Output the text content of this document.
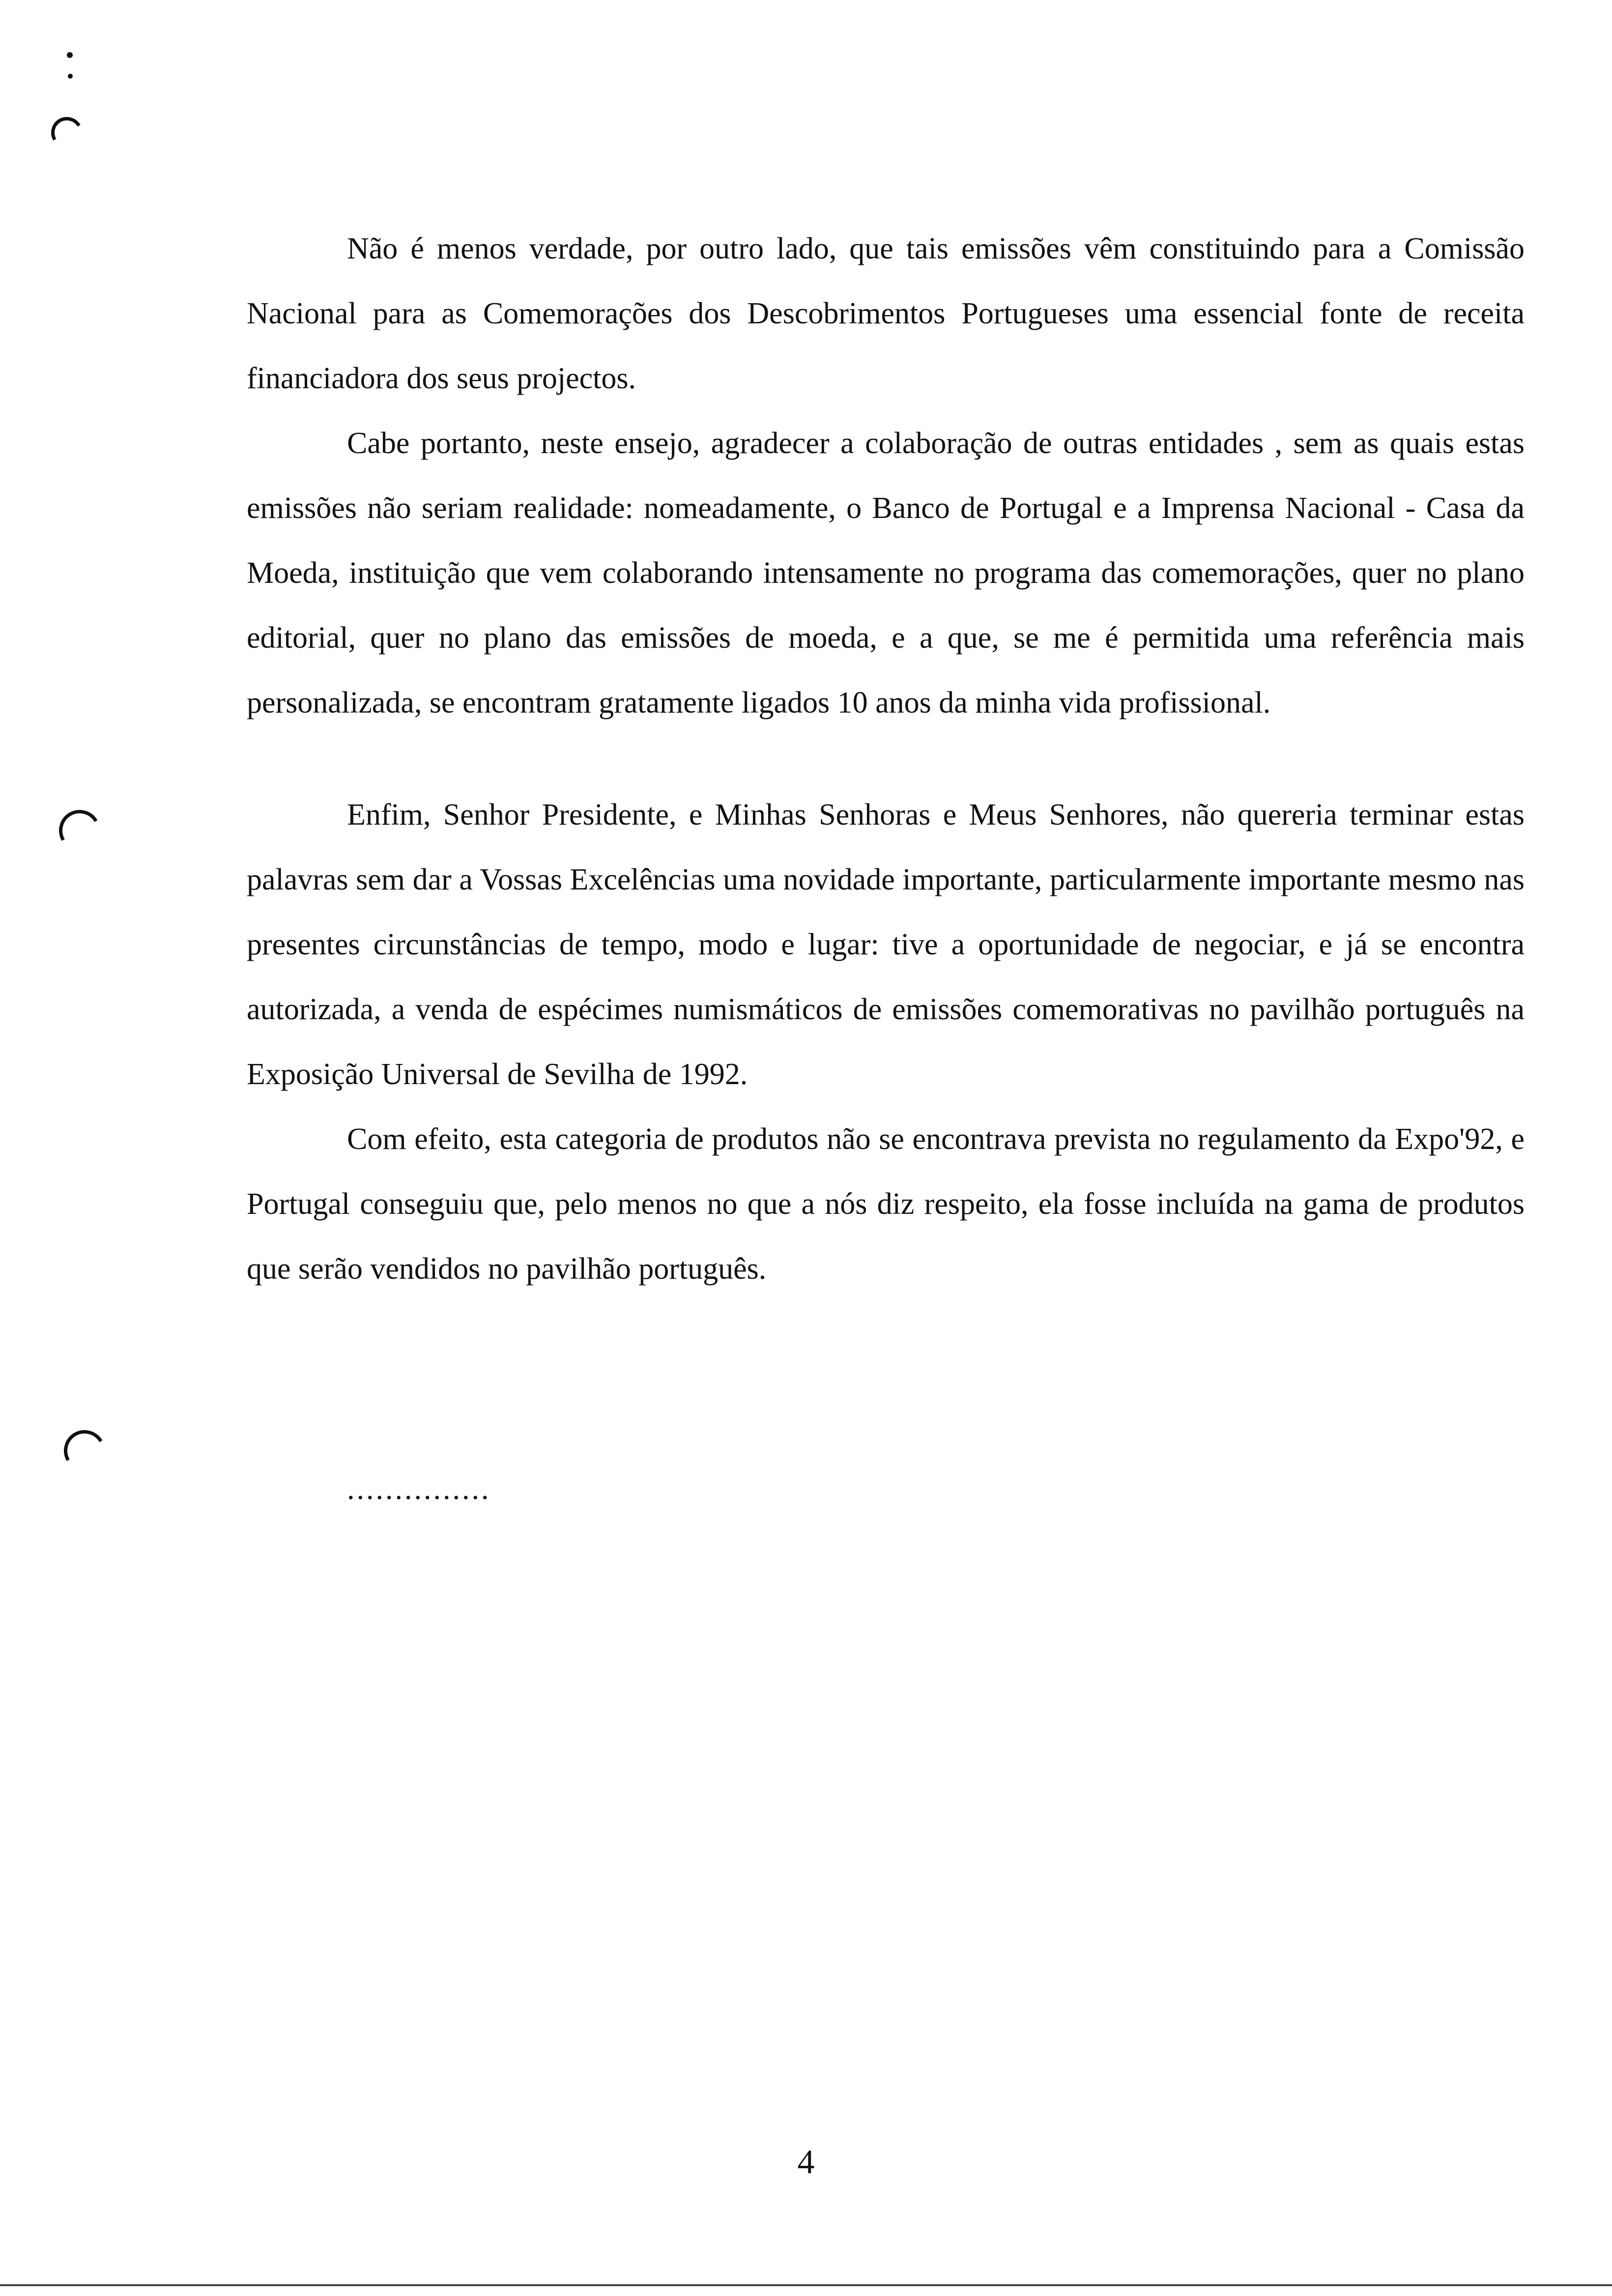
Não é menos verdade, por outro lado, que tais emissões vêm constituindo para a Comissão Nacional para as Comemorações dos Descobrimentos Portugueses uma essencial fonte de receita financiadora dos seus projectos.

Cabe portanto, neste ensejo, agradecer a colaboração de outras entidades , sem as quais estas emissões não seriam realidade: nomeadamente, o Banco de Portugal e a Imprensa Nacional - Casa da Moeda, instituição que vem colaborando intensamente no programa das comemorações, quer no plano editorial, quer no plano das emissões de moeda, e a que, se me é permitida uma referência mais personalizada, se encontram gratamente ligados 10 anos da minha vida profissional.

Enfim, Senhor Presidente, e Minhas Senhoras e Meus Senhores, não quereria terminar estas palavras sem dar a Vossas Excelências uma novidade importante, particularmente importante mesmo nas presentes circunstâncias de tempo, modo e lugar: tive a oportunidade de negociar, e já se encontra autorizada, a venda de espécimes numismáticos de emissões comemorativas no pavilhão português na Exposição Universal de Sevilha de 1992.

Com efeito, esta categoria de produtos não se encontrava prevista no regulamento da Expo'92, e Portugal conseguiu que, pelo menos no que a nós diz respeito, ela fosse incluída na gama de produtos que serão vendidos no pavilhão português.

...............
4
